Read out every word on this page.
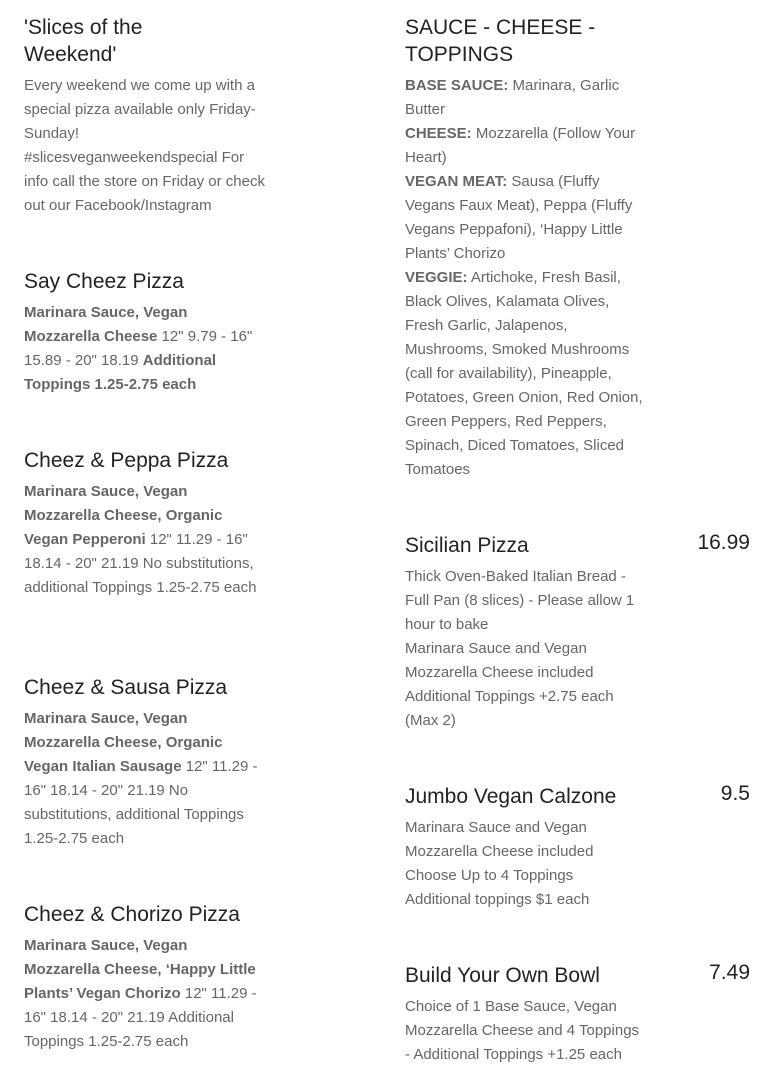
'Slices of the
Weekend'
Every weekend we come up with a special pizza available only Friday-Sunday! #slicesveganweekendspecial For info call the store on Friday or check out our Facebook/Instagram
Say Cheez Pizza
Marinara Sauce, Vegan Mozzarella Cheese 12" 9.79 - 16" 15.89 - 20" 18.19 Additional Toppings 1.25-2.75 each
Cheez & Peppa Pizza
Marinara Sauce, Vegan Mozzarella Cheese, Organic Vegan Pepperoni 12" 11.29 - 16" 18.14 - 20" 21.19 No substitutions, additional Toppings 1.25-2.75 each
Cheez & Sausa Pizza
Marinara Sauce, Vegan Mozzarella Cheese, Organic Vegan Italian Sausage 12" 11.29 - 16" 18.14 - 20" 21.19 No substitutions, additional Toppings 1.25-2.75 each
Cheez & Chorizo Pizza
Marinara Sauce, Vegan Mozzarella Cheese, ‘Happy Little Plants’ Vegan Chorizo 12" 11.29 - 16" 18.14 - 20" 21.19 Additional Toppings 1.25-2.75 each
SAUCE - CHEESE -
TOPPINGS
BASE SAUCE: Marinara, Garlic Butter
CHEESE: Mozzarella (Follow Your Heart)
VEGAN MEAT: Sausa (Fluffy Vegans Faux Meat), Peppa (Fluffy Vegans Peppafoni), ‘Happy Little Plants’ Chorizo
VEGGIE: Artichoke, Fresh Basil, Black Olives, Kalamata Olives, Fresh Garlic, Jalapenos, Mushrooms, Smoked Mushrooms (call for availability), Pineapple, Potatoes, Green Onion, Red Onion, Green Peppers, Red Peppers, Spinach, Diced Tomatoes, Sliced Tomatoes
Sicilian Pizza	16.99
Thick Oven-Baked Italian Bread - Full Pan (8 slices) - Please allow 1 hour to bake
Marinara Sauce and Vegan Mozzarella Cheese included
Additional Toppings +2.75 each (Max 2)
Jumbo Vegan Calzone	9.5
Marinara Sauce and Vegan Mozzarella Cheese included
Choose Up to 4 Toppings
Additional toppings $1 each
Build Your Own Bowl	7.49
Choice of 1 Base Sauce, Vegan Mozzarella Cheese and 4 Toppings - Additional Toppings +1.25 each
